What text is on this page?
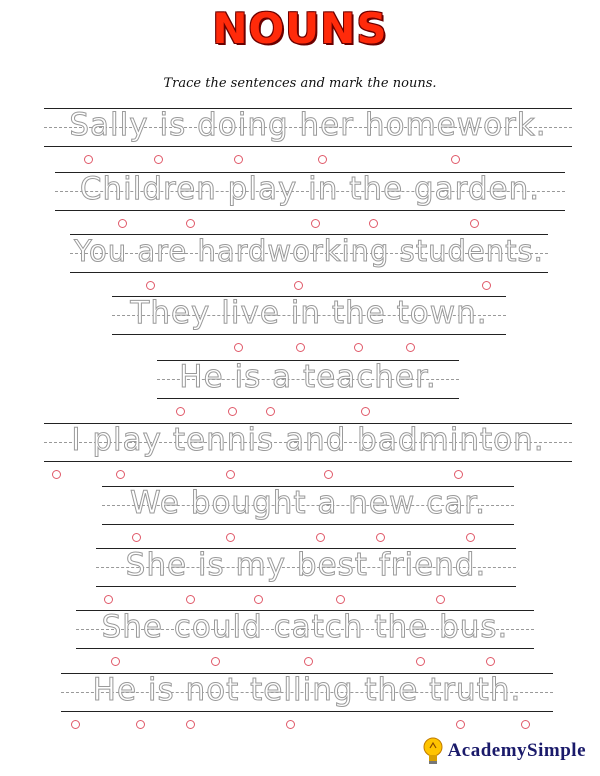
NOUNS
Trace the sentences and mark the nouns.
Sally is doing her homework.
Children play in the garden.
You are hardworking students.
They live in the town.
He is a teacher.
I play tennis and badminton.
We bought a new car.
She is my best friend.
She could catch the bus.
He is not telling the truth.
AcademySimple
